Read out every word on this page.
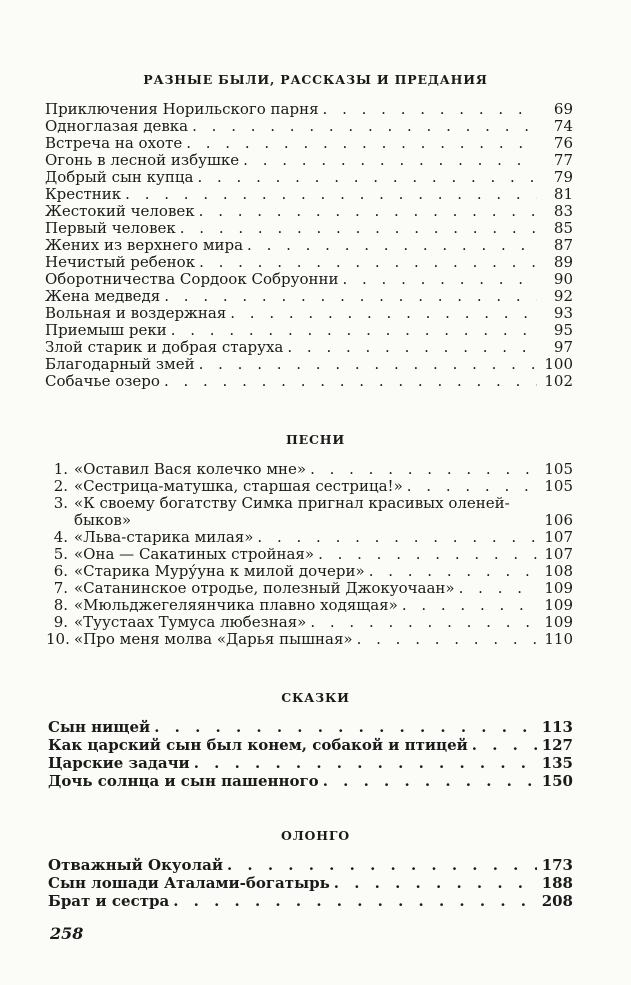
РАЗНЫЕ БЫЛИ, РАССКАЗЫ И ПРЕДАНИЯ
Приключения Норильского парня . . .	69
Одноглазая девка . . .	74
Встреча на охоте . . .	76
Огонь в лесной избушке . . .	77
Добрый сын купца . . .	79
Крестник . . .	81
Жестокий человек . . .	83
Первый человек . . .	85
Жених из верхнего мира . . .	87
Нечистый ребенок . . .	89
Оборотничества Сордоок Собруонни . . .	90
Жена медведя . . .	92
Вольная и воздержная . . .	93
Приемыш реки . . .	95
Злой старик и добрая старуха . . .	97
Благодарный змей . . .	100
Собачье озеро . . .	102
ПЕСНИ
1. «Оставил Вася колечко мне» . . .	105
2. «Сестрица-матушка, старшая сестрица!» . . .	105
3. «К своему богатству Симка пригнал красивых оленей-
быков»	106
4. «Льва-старика милая» . . .	107
5. «Она — Сакатиных стройная» . . .	107
6. «Старика Муру́уна к милой дочери» . . .	108
7. «Сатанинское отродье, полезный Джокуочаан» . . .	109
8. «Мюльджегеляянчика плавно ходящая» . . .	109
9. «Туустаах Тумуса любезная» . . .	109
10. «Про меня молва «Дарья пышная» . . .	110
СКАЗКИ
Сын нищей . . .	113
Как царский сын был конем, собакой и птицей . . .	127
Царские задачи . . .	135
Дочь солнца и сын пашенного . . .	150
ОЛОНГО
Отважный Окуолай . . .	173
Сын лошади Аталами-богатырь . . .	188
Брат и сестра . . .	208
258
